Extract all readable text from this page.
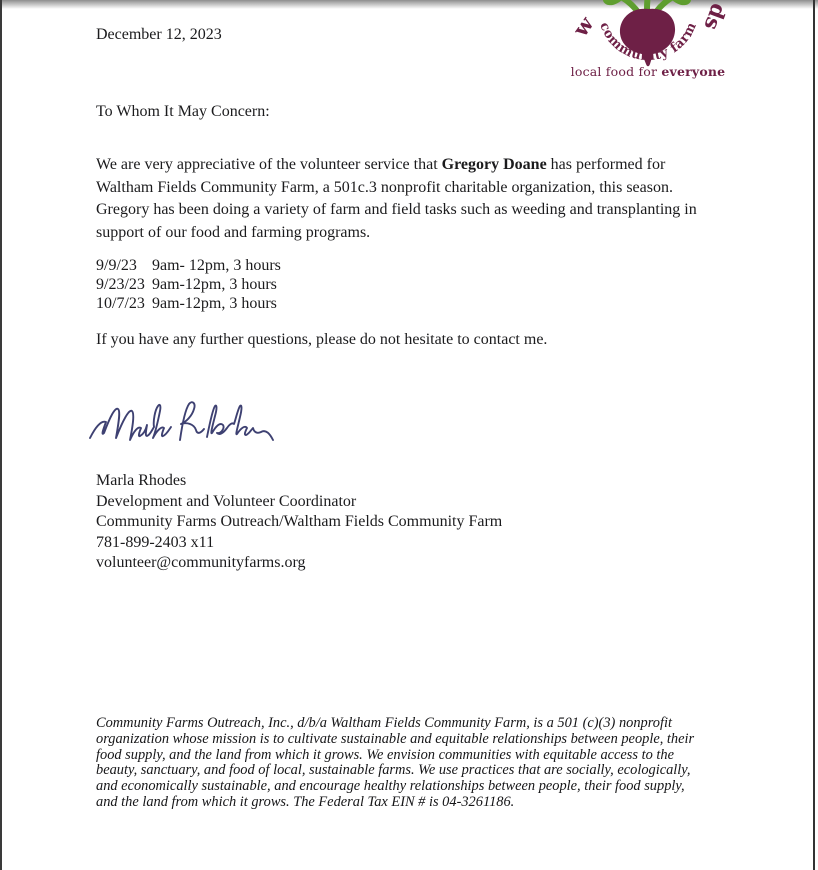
w	ds
community farm
local food for everyone
December 12, 2023
To Whom It May Concern:
We are very appreciative of the volunteer service that Gregory Doane has performed for Waltham Fields Community Farm, a 501c.3 nonprofit charitable organization, this season. Gregory has been doing a variety of farm and field tasks such as weeding and transplanting in support of our food and farming programs.
9/9/23 9am- 12pm, 3 hours
9/23/23 9am-12pm, 3 hours
10/7/23 9am-12pm, 3 hours
If you have any further questions, please do not hesitate to contact me.
Marla Rhodes
Development and Volunteer Coordinator
Community Farms Outreach/Waltham Fields Community Farm
781-899-2403 x11
volunteer@communityfarms.org
Community Farms Outreach, Inc., d/b/a Waltham Fields Community Farm, is a 501 (c)(3) nonprofit organization whose mission is to cultivate sustainable and equitable relationships between people, their food supply, and the land from which it grows. We envision communities with equitable access to the beauty, sanctuary, and food of local, sustainable farms. We use practices that are socially, ecologically, and economically sustainable, and encourage healthy relationships between people, their food supply, and the land from which it grows. The Federal Tax EIN # is 04-3261186.
